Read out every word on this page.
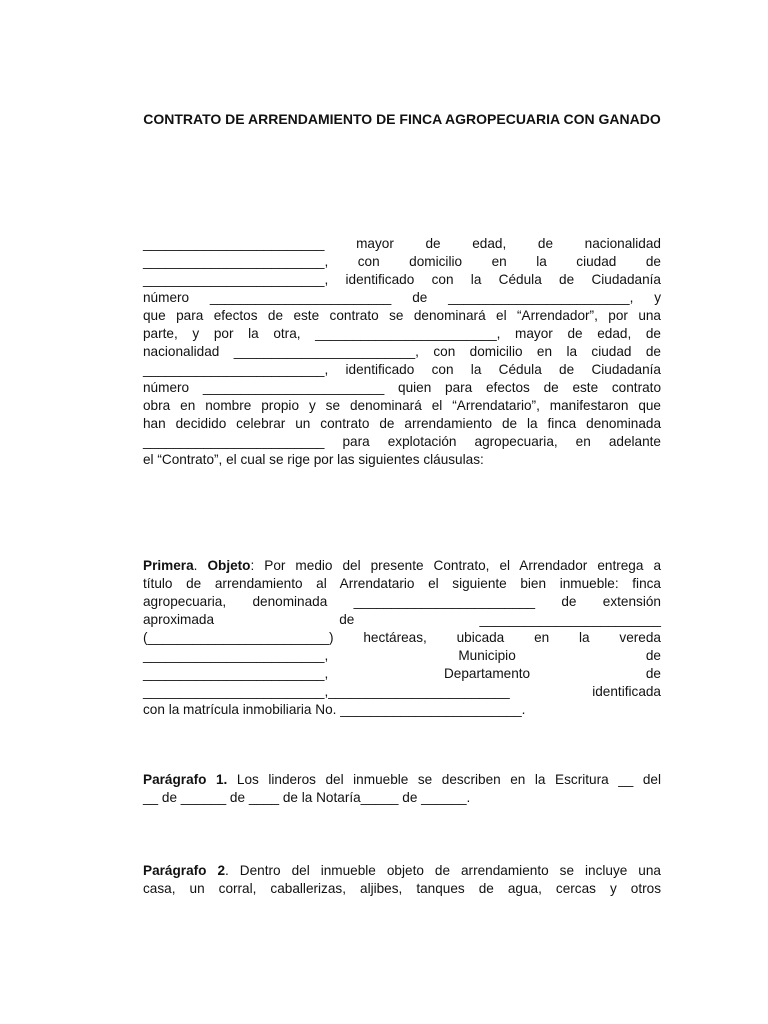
CONTRATO DE ARRENDAMIENTO DE FINCA AGROPECUARIA CON GANADO
________________________ mayor de edad, de nacionalidad
________________________, con domicilio en la ciudad de
________________________, identificado con la Cédula de Ciudadanía
número ________________________ de ________________________, y
que para efectos de este contrato se denominará el “Arrendador”, por una
parte, y por la otra, ________________________, mayor de edad, de
nacionalidad ________________________, con domicilio en la ciudad de
________________________, identificado con la Cédula de Ciudadanía
número ________________________ quien para efectos de este contrato
obra en nombre propio y se denominará el “Arrendatario”, manifestaron que
han decidido celebrar un contrato de arrendamiento de la finca denominada
________________________ para explotación agropecuaria, en adelante
el “Contrato”, el cual se rige por las siguientes cláusulas:
Primera. Objeto: Por medio del presente Contrato, el Arrendador entrega a
título de arrendamiento al Arrendatario el siguiente bien inmueble: finca
agropecuaria, denominada ________________________ de extensión
aproximada de ________________________
(________________________) hectáreas, ubicada en la vereda
________________________, Municipio de
________________________, Departamento de
________________________,________________________ identificada
con la matrícula inmobiliaria No. ________________________.
Parágrafo 1. Los linderos del inmueble se describen en la Escritura __ del
__ de ______ de ____ de la Notaría_____ de ______.
Parágrafo 2. Dentro del inmueble objeto de arrendamiento se incluye una
casa, un corral, caballerizas, aljibes, tanques de agua, cercas y otros
